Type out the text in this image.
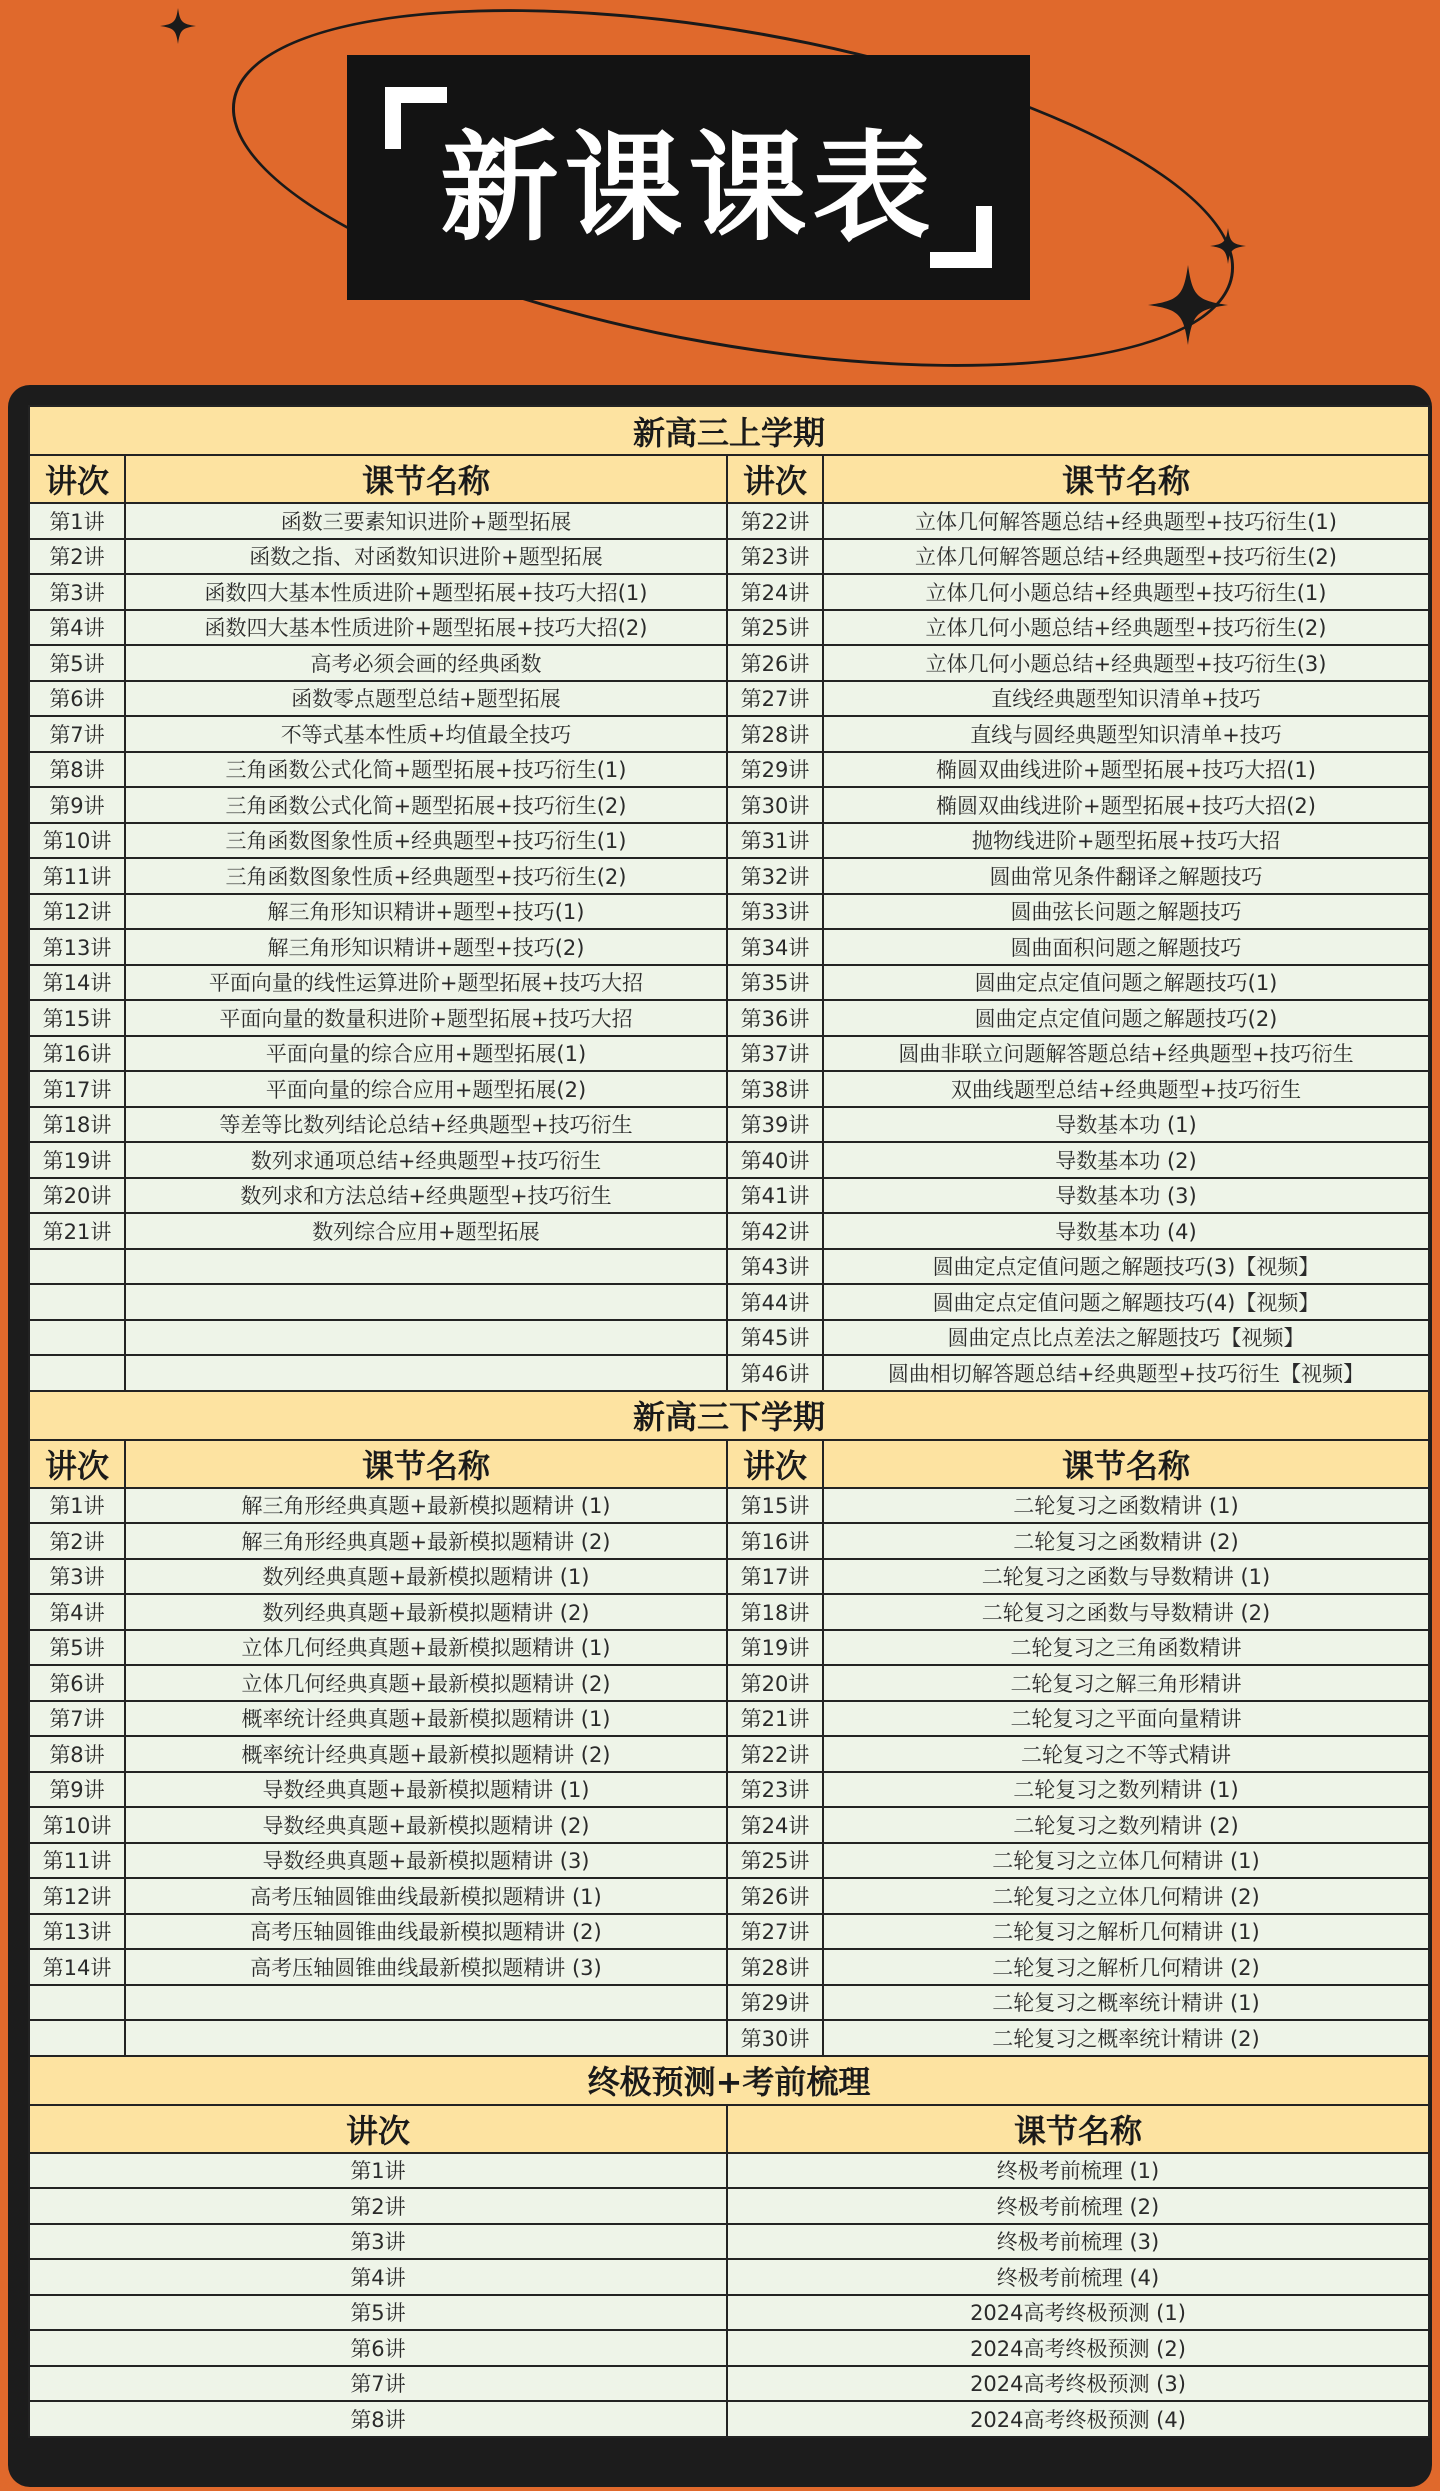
新课课表
新高三上学期			
讲次	课节名称	讲次	课节名称
第1讲	函数三要素知识进阶+题型拓展	第22讲	立体几何解答题总结+经典题型+技巧衍生(1)
第2讲	函数之指、对函数知识进阶+题型拓展	第23讲	立体几何解答题总结+经典题型+技巧衍生(2)
第3讲	函数四大基本性质进阶+题型拓展+技巧大招(1)	第24讲	立体几何小题总结+经典题型+技巧衍生(1)
第4讲	函数四大基本性质进阶+题型拓展+技巧大招(2)	第25讲	立体几何小题总结+经典题型+技巧衍生(2)
第5讲	高考必须会画的经典函数	第26讲	立体几何小题总结+经典题型+技巧衍生(3)
第6讲	函数零点题型总结+题型拓展	第27讲	直线经典题型知识清单+技巧
第7讲	不等式基本性质+均值最全技巧	第28讲	直线与圆经典题型知识清单+技巧
第8讲	三角函数公式化简+题型拓展+技巧衍生(1)	第29讲	椭圆双曲线进阶+题型拓展+技巧大招(1)
第9讲	三角函数公式化简+题型拓展+技巧衍生(2)	第30讲	椭圆双曲线进阶+题型拓展+技巧大招(2)
第10讲	三角函数图象性质+经典题型+技巧衍生(1)	第31讲	抛物线进阶+题型拓展+技巧大招
第11讲	三角函数图象性质+经典题型+技巧衍生(2)	第32讲	圆曲常见条件翻译之解题技巧
第12讲	解三角形知识精讲+题型+技巧(1)	第33讲	圆曲弦长问题之解题技巧
第13讲	解三角形知识精讲+题型+技巧(2)	第34讲	圆曲面积问题之解题技巧
第14讲	平面向量的线性运算进阶+题型拓展+技巧大招	第35讲	圆曲定点定值问题之解题技巧(1)
第15讲	平面向量的数量积进阶+题型拓展+技巧大招	第36讲	圆曲定点定值问题之解题技巧(2)
第16讲	平面向量的综合应用+题型拓展(1)	第37讲	圆曲非联立问题解答题总结+经典题型+技巧衍生
第17讲	平面向量的综合应用+题型拓展(2)	第38讲	双曲线题型总结+经典题型+技巧衍生
第18讲	等差等比数列结论总结+经典题型+技巧衍生	第39讲	导数基本功 (1)
第19讲	数列求通项总结+经典题型+技巧衍生	第40讲	导数基本功 (2)
第20讲	数列求和方法总结+经典题型+技巧衍生	第41讲	导数基本功 (3)
第21讲	数列综合应用+题型拓展	第42讲	导数基本功 (4)
		第43讲	圆曲定点定值问题之解题技巧(3)【视频】
		第44讲	圆曲定点定值问题之解题技巧(4)【视频】
		第45讲	圆曲定点比点差法之解题技巧【视频】
		第46讲	圆曲相切解答题总结+经典题型+技巧衍生【视频】
新高三下学期			
讲次	课节名称	讲次	课节名称
第1讲	解三角形经典真题+最新模拟题精讲 (1)	第15讲	二轮复习之函数精讲 (1)
第2讲	解三角形经典真题+最新模拟题精讲 (2)	第16讲	二轮复习之函数精讲 (2)
第3讲	数列经典真题+最新模拟题精讲 (1)	第17讲	二轮复习之函数与导数精讲 (1)
第4讲	数列经典真题+最新模拟题精讲 (2)	第18讲	二轮复习之函数与导数精讲 (2)
第5讲	立体几何经典真题+最新模拟题精讲 (1)	第19讲	二轮复习之三角函数精讲
第6讲	立体几何经典真题+最新模拟题精讲 (2)	第20讲	二轮复习之解三角形精讲
第7讲	概率统计经典真题+最新模拟题精讲 (1)	第21讲	二轮复习之平面向量精讲
第8讲	概率统计经典真题+最新模拟题精讲 (2)	第22讲	二轮复习之不等式精讲
第9讲	导数经典真题+最新模拟题精讲 (1)	第23讲	二轮复习之数列精讲 (1)
第10讲	导数经典真题+最新模拟题精讲 (2)	第24讲	二轮复习之数列精讲 (2)
第11讲	导数经典真题+最新模拟题精讲 (3)	第25讲	二轮复习之立体几何精讲 (1)
第12讲	高考压轴圆锥曲线最新模拟题精讲 (1)	第26讲	二轮复习之立体几何精讲 (2)
第13讲	高考压轴圆锥曲线最新模拟题精讲 (2)	第27讲	二轮复习之解析几何精讲 (1)
第14讲	高考压轴圆锥曲线最新模拟题精讲 (3)	第28讲	二轮复习之解析几何精讲 (2)
		第29讲	二轮复习之概率统计精讲 (1)
		第30讲	二轮复习之概率统计精讲 (2)
终极预测+考前梳理			
讲次		课节名称	
第1讲		终极考前梳理 (1)	
第2讲		终极考前梳理 (2)	
第3讲		终极考前梳理 (3)	
第4讲		终极考前梳理 (4)	
第5讲		2024高考终极预测 (1)	
第6讲		2024高考终极预测 (2)	
第7讲		2024高考终极预测 (3)	
第8讲		2024高考终极预测 (4)	
